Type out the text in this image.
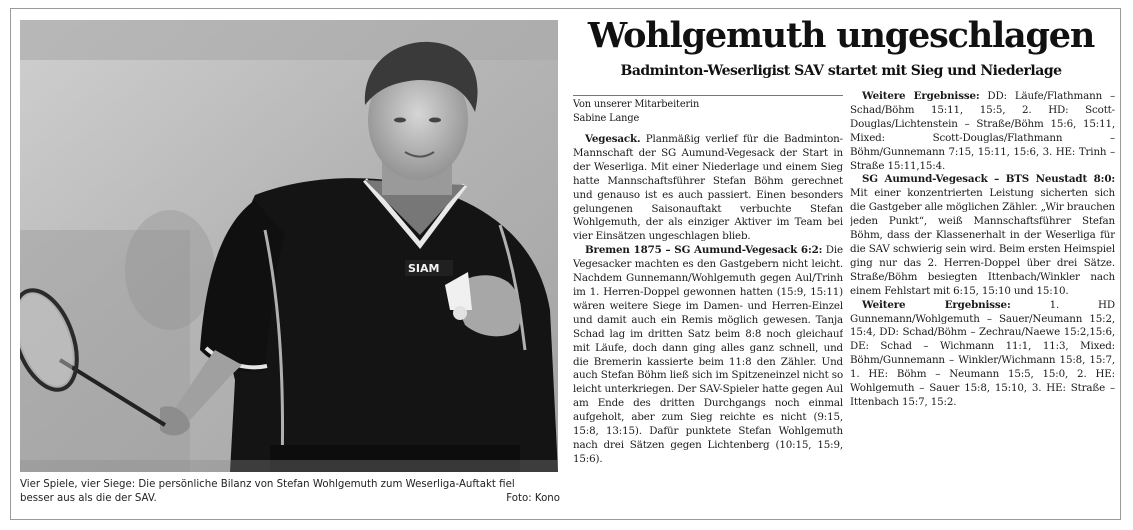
SIAM
Vier Spiele, vier Siege: Die persönliche Bilanz von Stefan Wohlgemuth zum Weserliga-Auftakt fiel
besser aus als die der SAV.	Foto: Kono
Wohlgemuth ungeschlagen
Badminton-Weserligist SAV startet mit Sieg und Niederlage
Von unserer Mitarbeiterin
Sabine Lange

Vegesack. Planmäßig verlief für die Badminton-Mannschaft der SG Aumund-Vegesack der Start in der Weserliga. Mit einer Niederlage und einem Sieg hatte Mannschaftsführer Stefan Böhm gerechnet und genauso ist es auch passiert. Einen besonders gelungenen Saisonauftakt verbuchte Stefan Wohlgemuth, der als einziger Aktiver im Team bei vier Einsätzen ungeschlagen blieb.

Bremen 1875 – SG Aumund-Vegesack 6:2: Die Vegesacker machten es den Gastgebern nicht leicht. Nachdem Gunnemann/Wohlgemuth gegen Aul/Trinh im 1. Herren-Doppel gewonnen hatten (15:9, 15:11) wären weitere Siege im Damen- und Herren-Einzel und damit auch ein Remis möglich gewesen. Tanja Schad lag im dritten Satz beim 8:8 noch gleichauf mit Läufe, doch dann ging alles ganz schnell, und die Bremerin kassierte beim 11:8 den Zähler. Und auch Stefan Böhm ließ sich im Spitzeneinzel nicht so leicht unterkriegen. Der SAV-Spieler hatte gegen Aul am Ende des dritten Durchgangs noch einmal aufgeholt, aber zum Sieg reichte es nicht (9:15, 15:8, 13:15). Dafür punktete Stefan Wohlgemuth nach drei Sätzen gegen Lichtenberg (10:15, 15:9, 15:6).

Weitere Ergebnisse: DD: Läufe/Flathmann – Schad/Böhm 15:11, 15:5, 2. HD: Scott-Douglas/Lichtenstein – Straße/Böhm 15:6, 15:11, Mixed: Scott-Douglas/Flathmann – Böhm/Gunnemann 7:15, 15:11, 15:6, 3. HE: Trinh – Straße 15:11,15:4.

SG Aumund-Vegesack – BTS Neustadt 8:0: Mit einer konzentrierten Leistung sicherten sich die Gastgeber alle möglichen Zähler. „Wir brauchen jeden Punkt“, weiß Mannschaftsführer Stefan Böhm, dass der Klassenerhalt in der Weserliga für die SAV schwierig sein wird. Beim ersten Heimspiel ging nur das 2. Herren-Doppel über drei Sätze. Straße/Böhm besiegten Ittenbach/Winkler nach einem Fehlstart mit 6:15, 15:10 und 15:10.

Weitere Ergebnisse: 1. HD Gunnemann/Wohlgemuth – Sauer/Neumann 15:2, 15:4, DD: Schad/Böhm – Zechrau/Naewe 15:2,15:6, DE: Schad – Wichmann 11:1, 11:3, Mixed: Böhm/Gunnemann – Winkler/Wichmann 15:8, 15:7, 1. HE: Böhm – Neumann 15:5, 15:0, 2. HE: Wohlgemuth – Sauer 15:8, 15:10, 3. HE: Straße – Ittenbach 15:7, 15:2.
